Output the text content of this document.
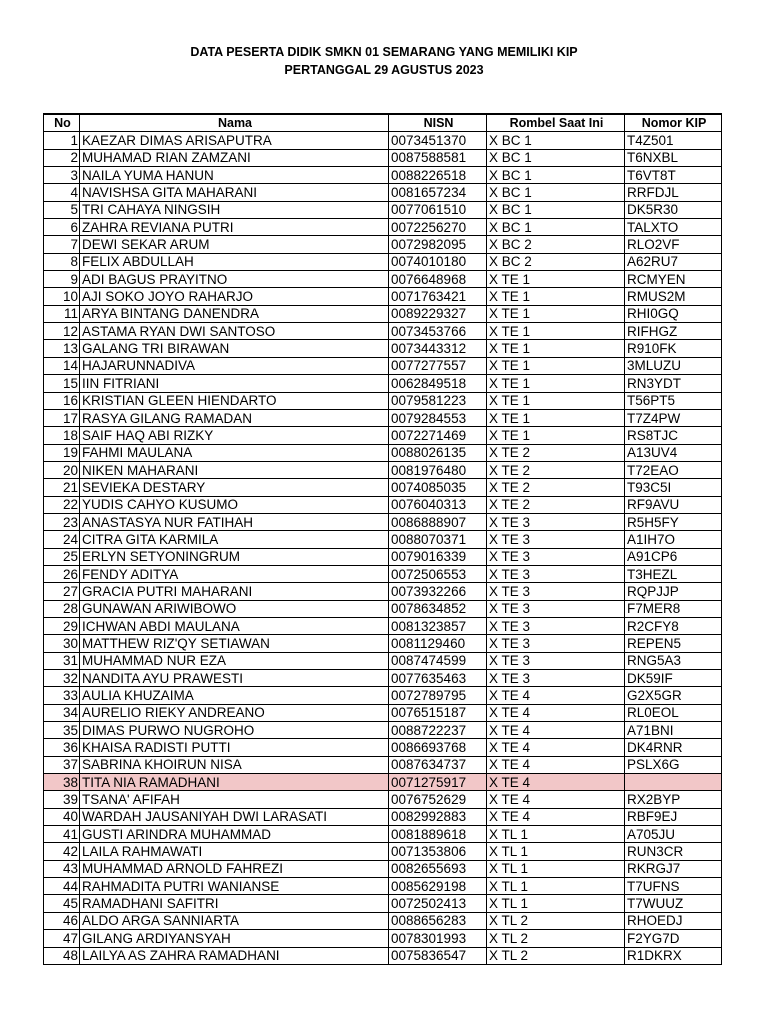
DATA PESERTA DIDIK SMKN 01 SEMARANG YANG MEMILIKI KIP
PERTANGGAL 29 AGUSTUS 2023
No	Nama	NISN	Rombel Saat Ini	Nomor KIP
1	KAEZAR DIMAS ARISAPUTRA	0073451370	X BC 1	T4Z501
2	MUHAMAD RIAN ZAMZANI	0087588581	X BC 1	T6NXBL
3	NAILA YUMA HANUN	0088226518	X BC 1	T6VT8T
4	NAVISHSA GITA MAHARANI	0081657234	X BC 1	RRFDJL
5	TRI CAHAYA NINGSIH	0077061510	X BC 1	DK5R30
6	ZAHRA REVIANA PUTRI	0072256270	X BC 1	TALXTO
7	DEWI SEKAR ARUM	0072982095	X BC 2	RLO2VF
8	FELIX ABDULLAH	0074010180	X BC 2	A62RU7
9	ADI BAGUS PRAYITNO	0076648968	X TE 1	RCMYEN
10	AJI SOKO JOYO RAHARJO	0071763421	X TE 1	RMUS2M
11	ARYA BINTANG DANENDRA	0089229327	X TE 1	RHI0GQ
12	ASTAMA RYAN DWI SANTOSO	0073453766	X TE 1	RIFHGZ
13	GALANG TRI BIRAWAN	0073443312	X TE 1	R910FK
14	HAJARUNNADIVA	0077277557	X TE 1	3MLUZU
15	IIN FITRIANI	0062849518	X TE 1	RN3YDT
16	KRISTIAN GLEEN HIENDARTO	0079581223	X TE 1	T56PT5
17	RASYA GILANG RAMADAN	0079284553	X TE 1	T7Z4PW
18	SAIF HAQ ABI RIZKY	0072271469	X TE 1	RS8TJC
19	FAHMI MAULANA	0088026135	X TE 2	A13UV4
20	NIKEN MAHARANI	0081976480	X TE 2	T72EAO
21	SEVIEKA DESTARY	0074085035	X TE 2	T93C5I
22	YUDIS CAHYO KUSUMO	0076040313	X TE 2	RF9AVU
23	ANASTASYA NUR FATIHAH	0086888907	X TE 3	R5H5FY
24	CITRA GITA KARMILA	0088070371	X TE 3	A1IH7O
25	ERLYN SETYONINGRUM	0079016339	X TE 3	A91CP6
26	FENDY ADITYA	0072506553	X TE 3	T3HEZL
27	GRACIA PUTRI MAHARANI	0073932266	X TE 3	RQPJJP
28	GUNAWAN ARIWIBOWO	0078634852	X TE 3	F7MER8
29	ICHWAN ABDI MAULANA	0081323857	X TE 3	R2CFY8
30	MATTHEW RIZ'QY SETIAWAN	0081129460	X TE 3	REPEN5
31	MUHAMMAD NUR EZA	0087474599	X TE 3	RNG5A3
32	NANDITA AYU PRAWESTI	0077635463	X TE 3	DK59IF
33	AULIA KHUZAIMA	0072789795	X TE 4	G2X5GR
34	AURELIO RIEKY ANDREANO	0076515187	X TE 4	RL0EOL
35	DIMAS PURWO NUGROHO	0088722237	X TE 4	A71BNI
36	KHAISA RADISTI PUTTI	0086693768	X TE 4	DK4RNR
37	SABRINA KHOIRUN NISA	0087634737	X TE 4	PSLX6G
38	TITA NIA RAMADHANI	0071275917	X TE 4	
39	TSANA' AFIFAH	0076752629	X TE 4	RX2BYP
40	WARDAH JAUSANIYAH DWI LARASATI	0082992883	X TE 4	RBF9EJ
41	GUSTI ARINDRA MUHAMMAD	0081889618	X TL 1	A705JU
42	LAILA RAHMAWATI	0071353806	X TL 1	RUN3CR
43	MUHAMMAD ARNOLD FAHREZI	0082655693	X TL 1	RKRGJ7
44	RAHMADITA PUTRI WANIANSE	0085629198	X TL 1	T7UFNS
45	RAMADHANI SAFITRI	0072502413	X TL 1	T7WUUZ
46	ALDO ARGA SANNIARTA	0088656283	X TL 2	RHOEDJ
47	GILANG ARDIYANSYAH	0078301993	X TL 2	F2YG7D
48	LAILYA AS ZAHRA RAMADHANI	0075836547	X TL 2	R1DKRX
